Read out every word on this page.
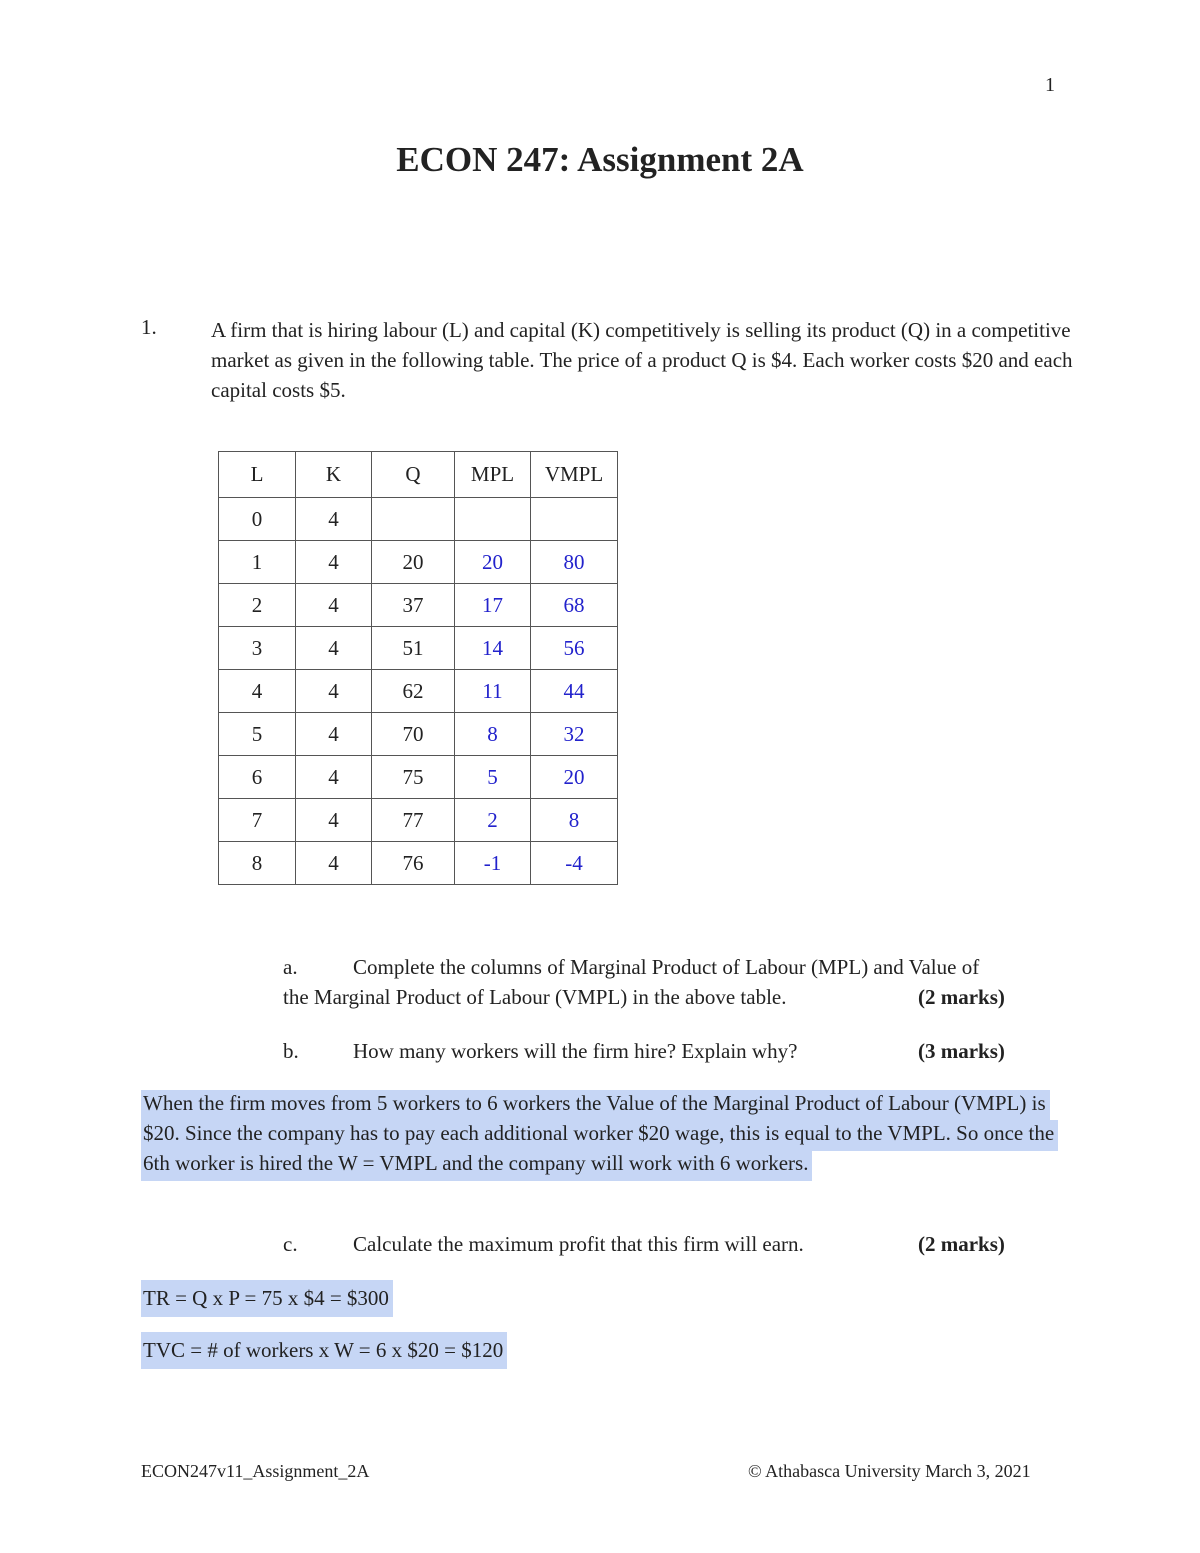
1
ECON 247: Assignment 2A
1.	A firm that is hiring labour (L) and capital (K) competitively is selling its product (Q) in a competitive market as given in the following table. The price of a product Q is $4. Each worker costs $20 and each capital costs $5.

L	K	Q	MPL	VMPL
0	4			
1	4	20	20	80
2	4	37	17	68
3	4	51	14	56
4	4	62	11	44
5	4	70	8	32
6	4	75	5	20
7	4	77	2	8
8	4	76	-1	-4
a.	Complete the columns of Marginal Product of Labour (MPL) and Value of
the Marginal Product of Labour (VMPL) in the above table.	(2 marks)
b.	How many workers will the firm hire? Explain why?	(3 marks)

When the firm moves from 5 workers to 6 workers the Value of the Marginal Product of Labour (VMPL) is $20. Since the company has to pay each additional worker $20 wage, this is equal to the VMPL. So once the 6th worker is hired the W = VMPL and the company will work with 6 workers.

c.	Calculate the maximum profit that this firm will earn.	(2 marks)
TR = Q x P = 75 x $4 = $300
TVC = # of workers x W = 6 x $20 = $120
ECON247v11_Assignment_2A	© Athabasca University March 3, 2021
